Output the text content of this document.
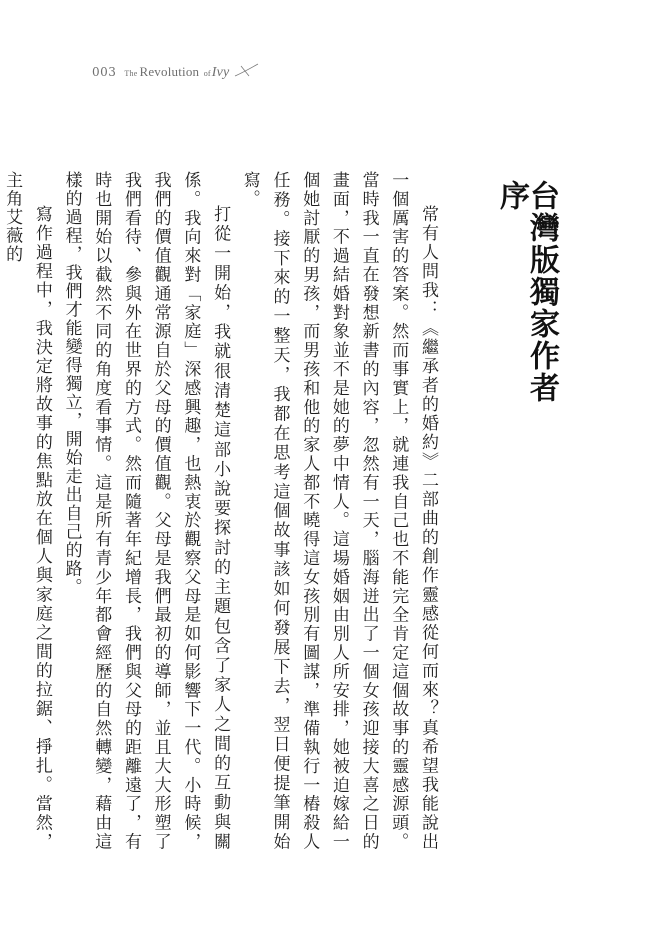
003 The Revolution ofIvy
台灣版獨家作者序

常有人問我：《繼承者的婚約》二部曲的創作靈感從何而來？真希望我能說出一個厲害的答案。然而事實上，就連我自己也不能完全肯定這個故事的靈感源頭。當時我一直在發想新書的內容，忽然有一天，腦海迸出了一個女孩迎接大喜之日的畫面，不過結婚對象並不是她的夢中情人。這場婚姻由別人所安排，她被迫嫁給一個她討厭的男孩，而男孩和他的家人都不曉得這女孩別有圖謀，準備執行一樁殺人任務。接下來的一整天，我都在思考這個故事該如何發展下去，翌日便提筆開始寫。

打從一開始，我就很清楚這部小說要探討的主題包含了家人之間的互動與關係。我向來對「家庭」深感興趣，也熱衷於觀察父母是如何影響下一代。小時候，我們的價值觀通常源自於父母的價值觀。父母是我們最初的導師，並且大大形塑了我們看待、參與外在世界的方式。然而隨著年紀增長，我們與父母的距離遠了，有時也開始以截然不同的角度看事情。這是所有青少年都會經歷的自然轉變，藉由這樣的過程，我們才能變得獨立，開始走出自己的路。

寫作過程中，我決定將故事的焦點放在個人與家庭之間的拉鋸、掙扎。當然，主角艾薇的
